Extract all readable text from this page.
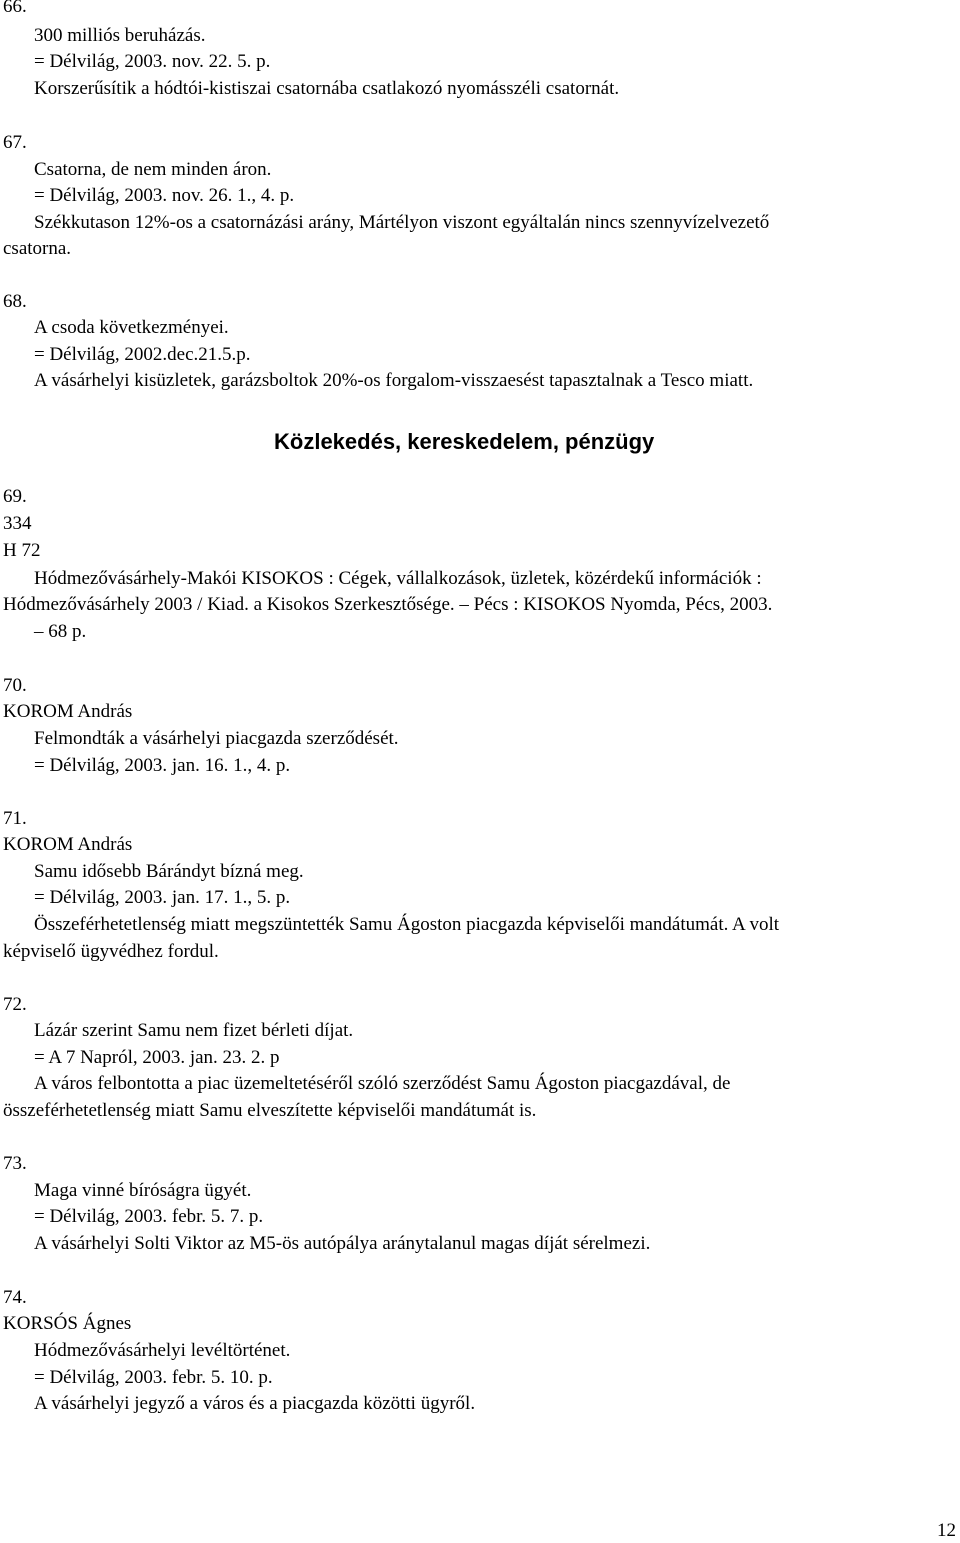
66.
300 milliós beruházás.
= Délvilág, 2003. nov. 22. 5. p.
Korszerűsítik a hódtói-kistiszai csatornába csatlakozó nyomásszéli csatornát.
67.
Csatorna, de nem minden áron.
= Délvilág, 2003. nov. 26. 1., 4. p.
Székkutason 12%-os a csatornázási arány, Mártélyon viszont egyáltalán nincs szennyvízelvezető
csatorna.
68.
A csoda következményei.
= Délvilág, 2002.dec.21.5.p.
A vásárhelyi kisüzletek, garázsboltok 20%-os forgalom-visszaesést tapasztalnak a Tesco miatt.
Közlekedés, kereskedelem, pénzügy
69.
334
H 72
Hódmezővásárhely-Makói KISOKOS : Cégek, vállalkozások, üzletek, közérdekű információk :
Hódmezővásárhely 2003 / Kiad. a Kisokos Szerkesztősége. – Pécs : KISOKOS Nyomda, Pécs, 2003.
– 68 p.
70.
KOROM András
Felmondták a vásárhelyi piacgazda szerződését.
= Délvilág, 2003. jan. 16. 1., 4. p.
71.
KOROM András
Samu idősebb Bárándyt bízná meg.
= Délvilág, 2003. jan. 17. 1., 5. p.
Összeférhetetlenség miatt megszüntették Samu Ágoston piacgazda képviselői mandátumát. A volt
képviselő ügyvédhez fordul.
72.
Lázár szerint Samu nem fizet bérleti díjat.
= A 7 Napról, 2003. jan. 23. 2. p
A város felbontotta a piac üzemeltetéséről szóló szerződést Samu Ágoston piacgazdával, de
összeférhetetlenség miatt Samu elveszítette képviselői mandátumát is.
73.
Maga vinné bíróságra ügyét.
= Délvilág, 2003. febr. 5. 7. p.
A vásárhelyi Solti Viktor az M5-ös autópálya aránytalanul magas díját sérelmezi.
74.
KORSÓS Ágnes
Hódmezővásárhelyi levéltörténet.
= Délvilág, 2003. febr. 5. 10. p.
A vásárhelyi jegyző a város és a piacgazda közötti ügyről.
12
